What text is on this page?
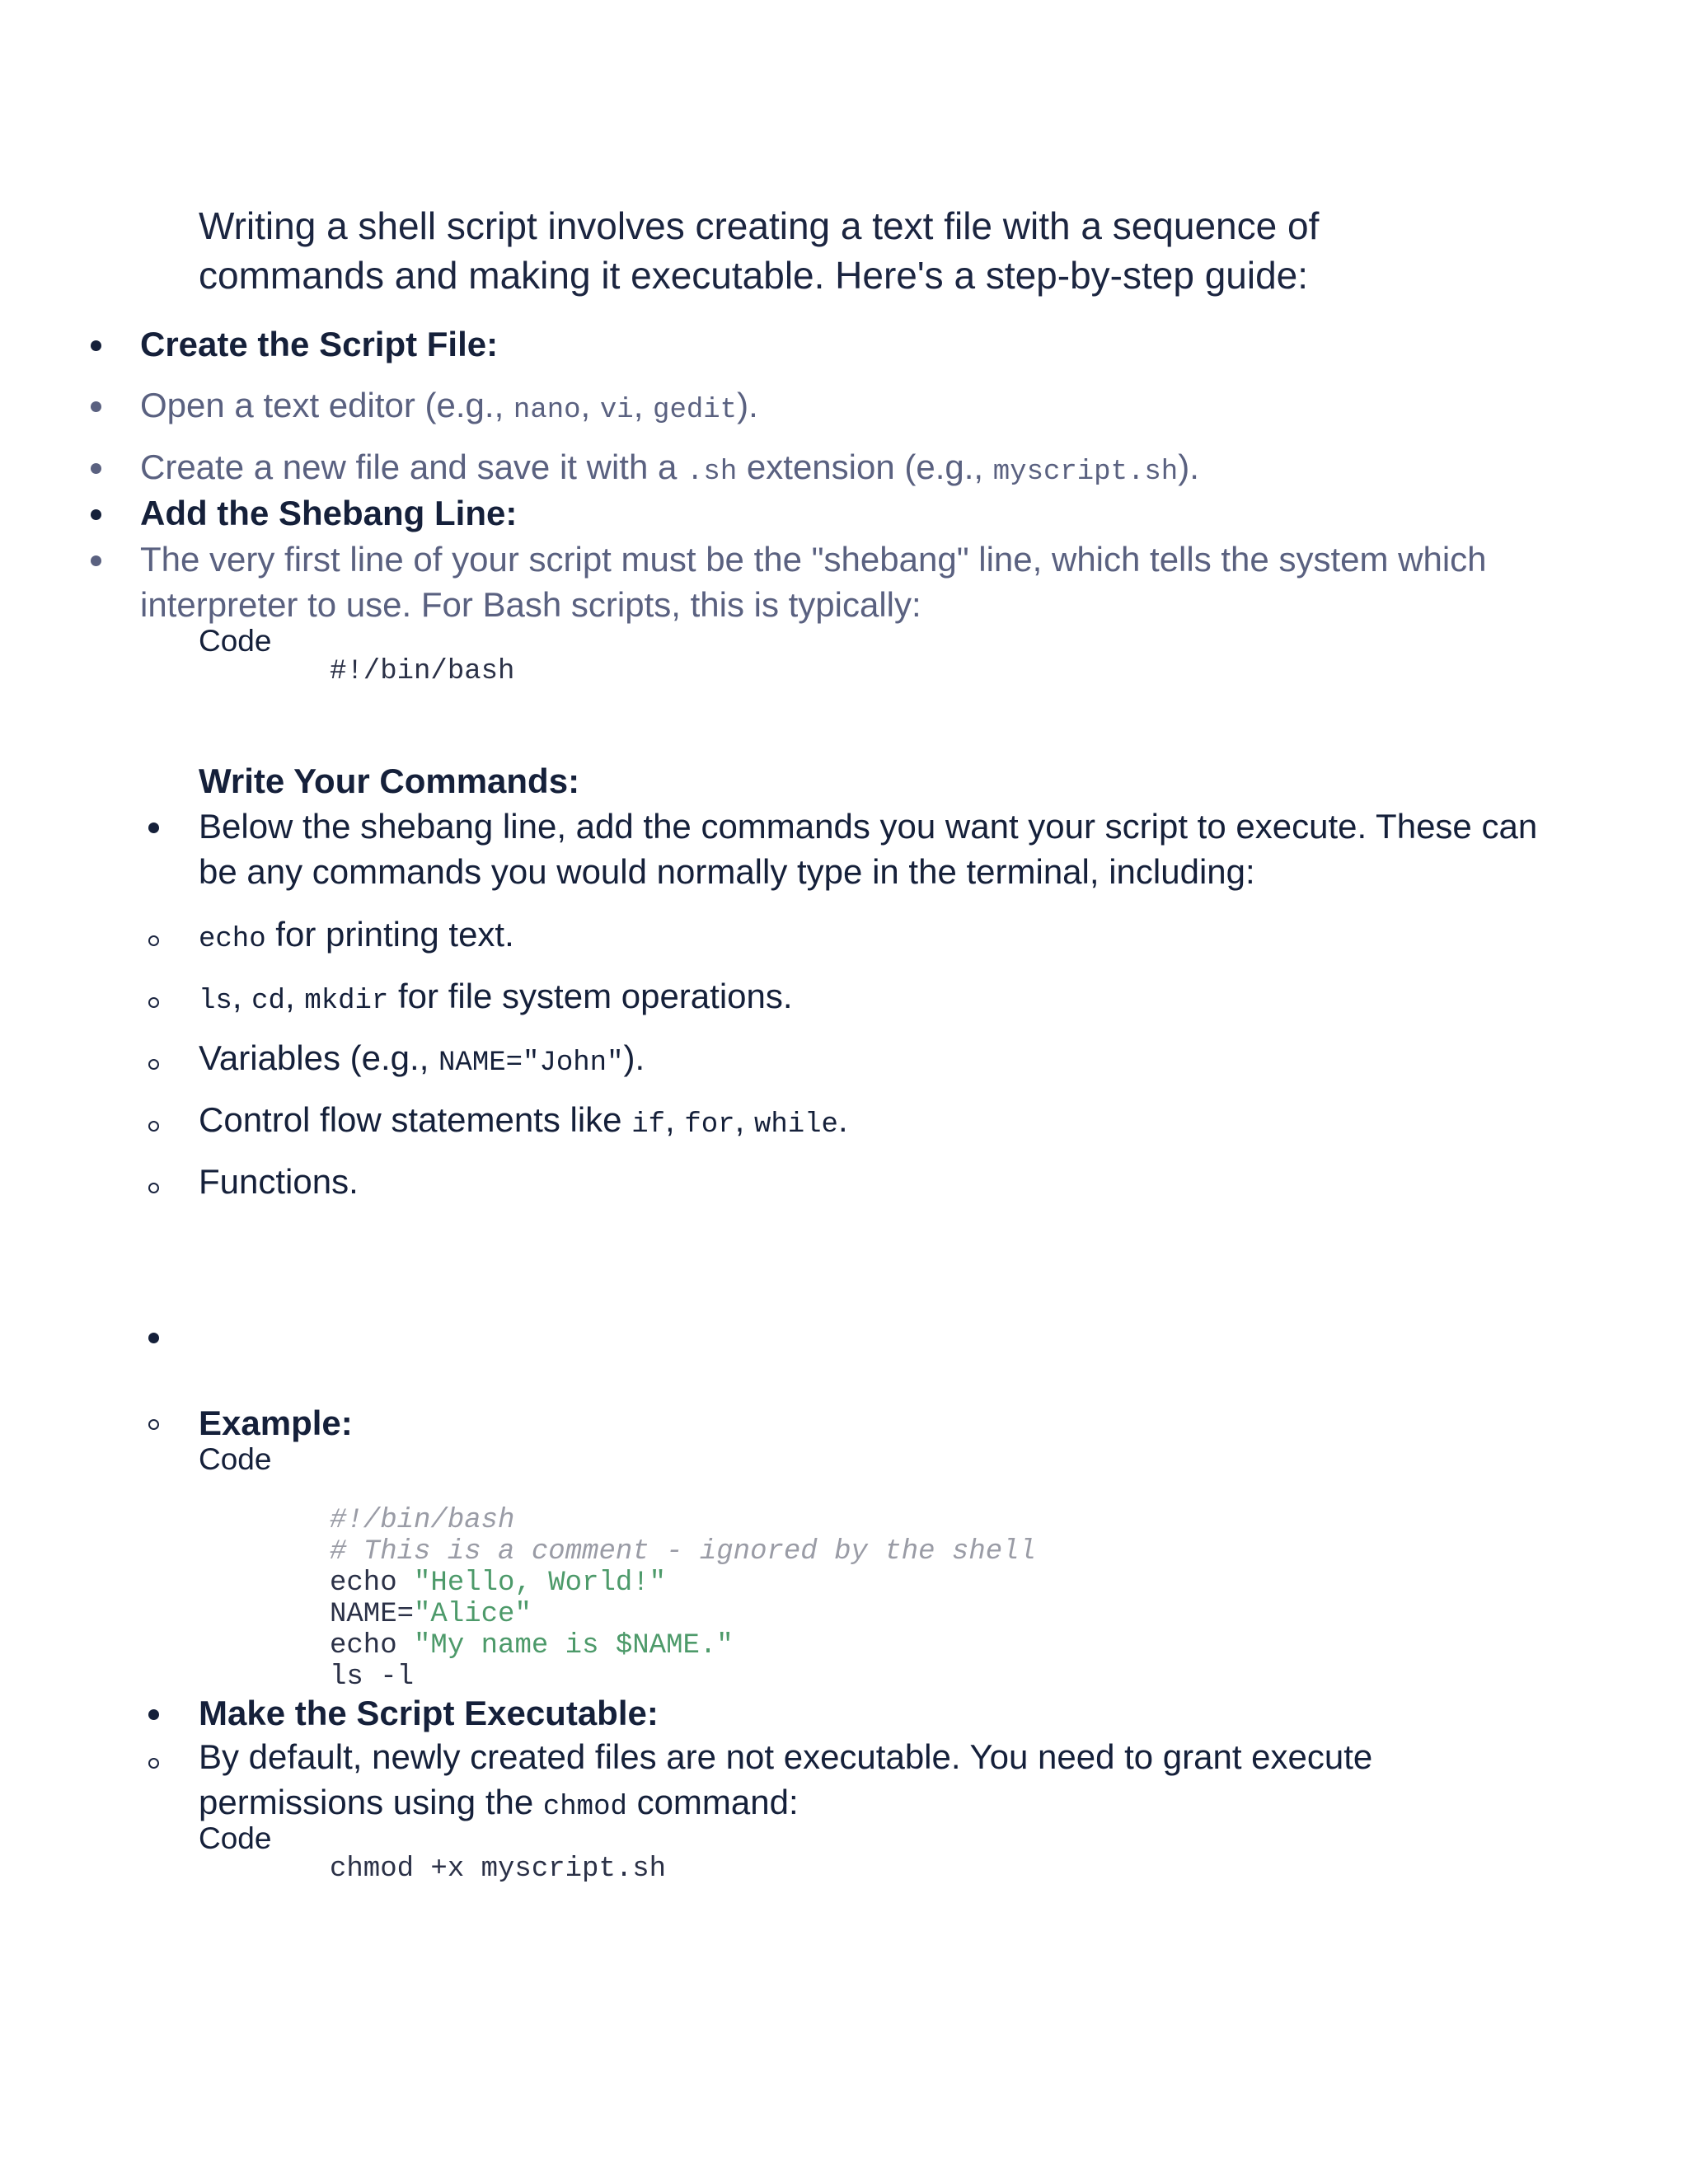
Writing a shell script involves creating a text file with a sequence of
commands and making it executable. Here's a step-by-step guide:
Create the Script File:
Open a text editor (e.g., nano, vi, gedit).
Create a new file and save it with a .sh extension (e.g., myscript.sh).
Add the Shebang Line:
The very first line of your script must be the "shebang" line, which tells the system which
interpreter to use. For Bash scripts, this is typically:
Code
#!/bin/bash
Write Your Commands:
Below the shebang line, add the commands you want your script to execute. These can
be any commands you would normally type in the terminal, including:
echo for printing text.
ls, cd, mkdir for file system operations.
Variables (e.g., NAME="John").
Control flow statements like if, for, while.
Functions.
Example:
Code

#!/bin/bash
# This is a comment - ignored by the shell
echo "Hello, World!"
NAME="Alice"
echo "My name is $NAME."
ls -l

Make the Script Executable:
By default, newly created files are not executable. You need to grant execute
permissions using the chmod command:
Code
chmod +x myscript.sh
